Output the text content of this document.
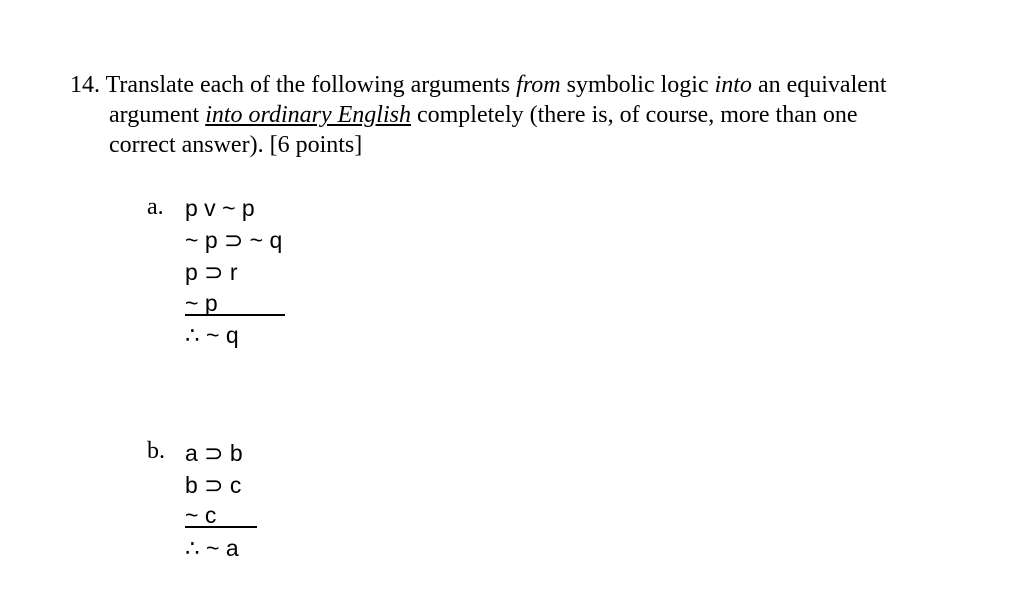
14. Translate each of the following arguments from symbolic logic into an equivalent
argument into ordinary English completely (there is, of course, more than one
correct answer). [6 points]
a. p v ~ p
~ p ⊃ ~ q
p ⊃ r
~ p
∴ ~ q
b. a ⊃ b
b ⊃ c
~ c
∴ ~ a
